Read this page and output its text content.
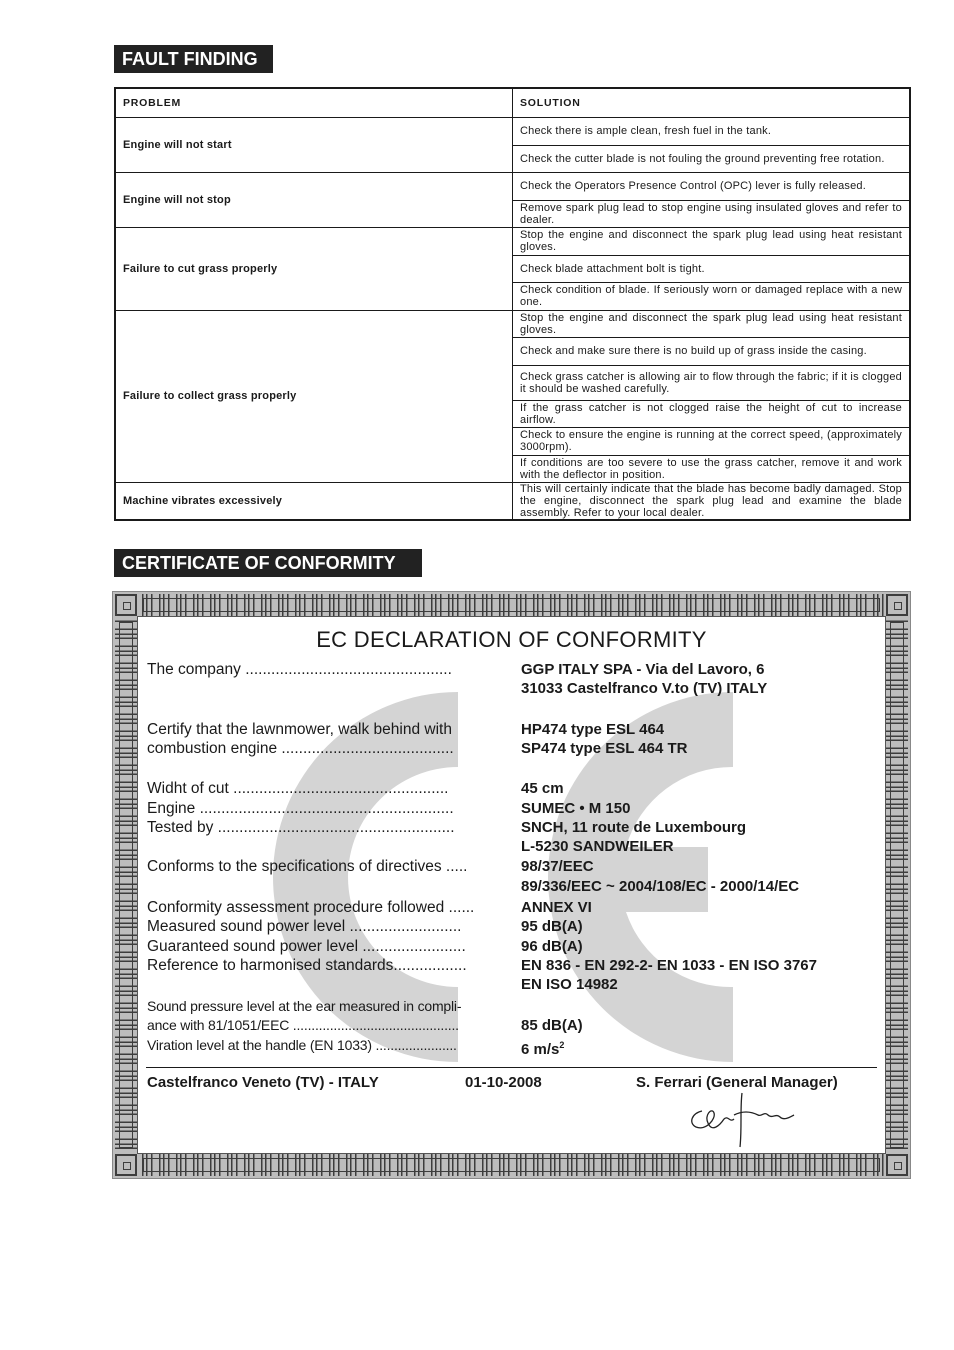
FAULT FINDING
PROBLEM	SOLUTION
Engine will not start	Check there is ample clean, fresh fuel in the tank.
	Check the cutter blade is not fouling the ground preventing free rotation.
Engine will not stop	Check the Operators Presence Control (OPC) lever is fully released.
	Remove spark plug lead to stop engine using insulated gloves and refer to dealer.
Failure to cut grass properly	Stop the engine and disconnect the spark plug lead using heat resistant gloves.
	Check blade attachment bolt is tight.
	Check condition of blade. If seriously worn or damaged replace with a new one.
Failure to collect grass properly	Stop the engine and disconnect the spark plug lead using heat resistant gloves.
	Check and make sure there is no build up of grass inside the casing.
	Check grass catcher is allowing air to flow through the fabric; if it is clogged it should be washed carefully.
	If the grass catcher is not clogged raise the height of cut to increase airflow.
	Check to ensure the engine is running at the correct speed, (approximately 3000rpm).
	If conditions are too severe to use the grass catcher, remove it and work with the deflector in position.
Machine vibrates excessively	This will certainly indicate that the blade has become badly damaged. Stop the engine, disconnect the spark plug lead and examine the blade assembly. Refer to your local dealer.
CERTIFICATE OF CONFORMITY
EC DECLARATION OF CONFORMITY
The company ................................................	GGP ITALY SPA - Via del Lavoro, 6
31033 Castelfranco V.to (TV) ITALY
Certify that the lawnmower, walk behind with	HP474 type ESL 464
combustion engine ........................................	SP474 type ESL 464 TR
Widht of cut ..................................................	45 cm
Engine ...........................................................	SUMEC • M 150
Tested by .......................................................	SNCH, 11 route de Luxembourg
L-5230 SANDWEILER
Conforms to the specifications of directives .....	98/37/EEC
89/336/EEC ~ 2004/108/EC - 2000/14/EC
Conformity assessment procedure followed ......	ANNEX VI
Measured sound power level ..........................	95 dB(A)
Guaranteed sound power level ........................	96 dB(A)
Reference to harmonised standards.................	EN 836 - EN 292-2- EN 1033 - EN ISO 3767
EN ISO 14982
Sound pressure level at the ear measured in compli-
ance with 81/1051/EEC .............................................	85 dB(A)
Viration level at the handle (EN 1033) ......................	6 $m/s^2$
Castelfranco Veneto (TV) - ITALY	01-10-2008	S. Ferrari (General Manager)
